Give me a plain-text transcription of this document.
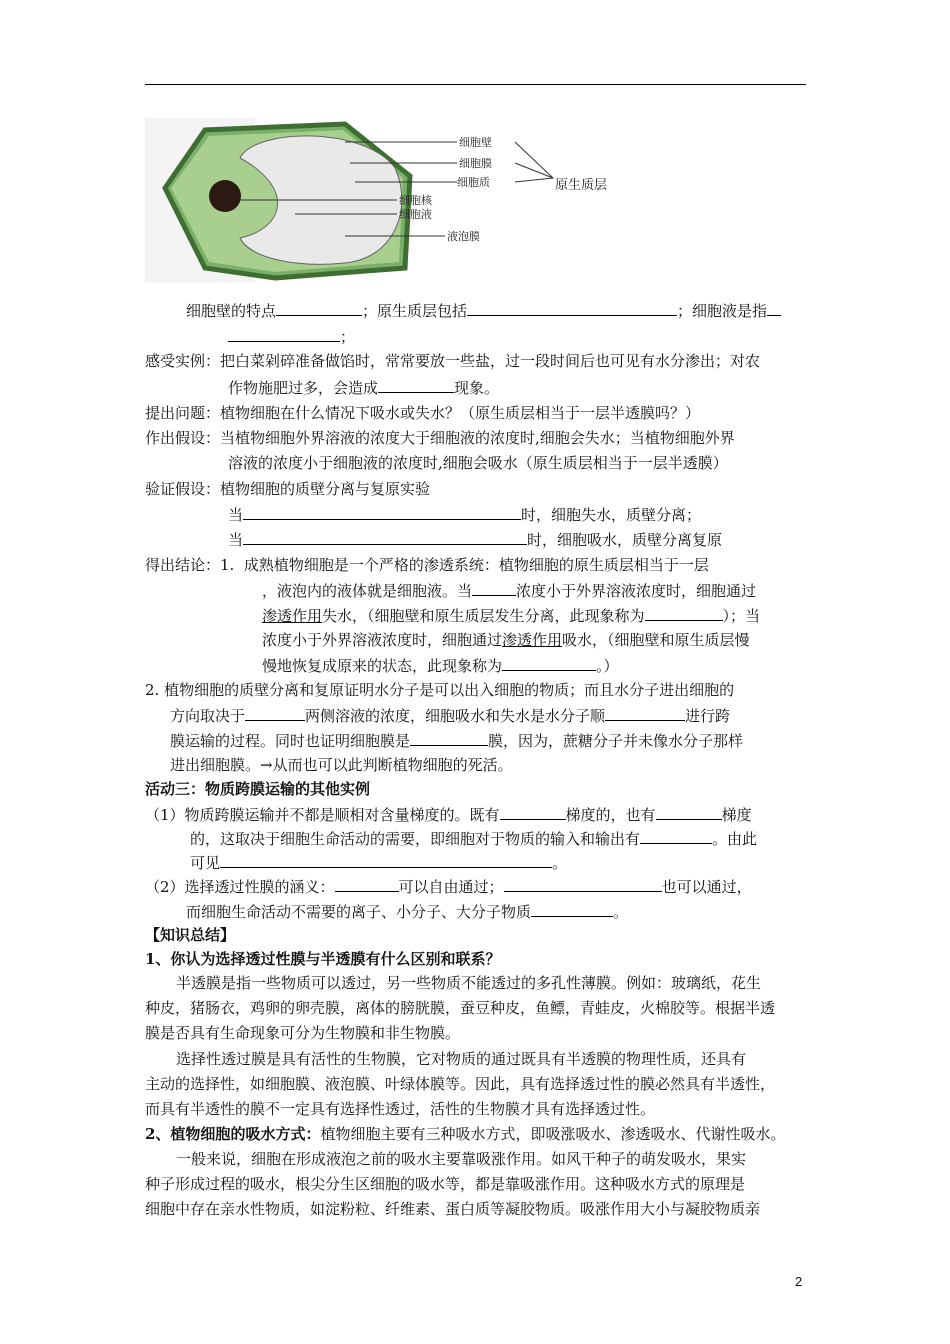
细胞壁
细胞膜
细胞质	原生质层
细胞核
细胞液
液泡膜
细胞壁的特点	；原生质层包括	；细胞液是指
；
感受实例：把白菜剁碎准备做馅时，常常要放一些盐，过一段时间后也可见有水分渗出；对农
作物施肥过多，会造成	现象。
提出问题：植物细胞在什么情况下吸水或失水？（原生质层相当于一层半透膜吗？）
作出假设：当植物细胞外界溶液的浓度大于细胞液的浓度时,细胞会失水；当植物细胞外界
溶液的浓度小于细胞液的浓度时,细胞会吸水（原生质层相当于一层半透膜）
验证假设：植物细胞的质壁分离与复原实验
当	时，细胞失水，质壁分离；
当	时，细胞吸水，质壁分离复原
得出结论：1. 成熟植物细胞是一个严格的渗透系统：植物细胞的原生质层相当于一层
，液泡内的液体就是细胞液。当	浓度小于外界溶液浓度时，细胞通过
渗透作用失水，（细胞壁和原生质层发生分离，此现象称为	）；当
浓度小于外界溶液浓度时，细胞通过渗透作用吸水，（细胞壁和原生质层慢
慢地恢复成原来的状态，此现象称为	。）
2. 植物细胞的质壁分离和复原证明水分子是可以出入细胞的物质；而且水分子进出细胞的
方向取决于	两侧溶液的浓度，细胞吸水和失水是水分子顺	进行跨
膜运输的过程。同时也证明细胞膜是	膜，因为，蔗糖分子并未像水分子那样
进出细胞膜。→从而也可以此判断植物细胞的死活。
活动三：物质跨膜运输的其他实例
（1）物质跨膜运输并不都是顺相对含量梯度的。既有	梯度的，也有	梯度
的，这取决于细胞生命活动的需要，即细胞对于物质的输入和输出有	。由此
可见	。
（2）选择透过性膜的涵义：	可以自由通过；	也可以通过，
而细胞生命活动不需要的离子、小分子、大分子物质	。
【知识总结】
1、你认为选择透过性膜与半透膜有什么区别和联系？
半透膜是指一些物质可以透过，另一些物质不能透过的多孔性薄膜。例如：玻璃纸，花生
种皮，猪肠衣，鸡卵的卵壳膜，离体的膀胱膜，蚕豆种皮，鱼鳔，青蛙皮，火棉胶等。根据半透
膜是否具有生命现象可分为生物膜和非生物膜。
选择性透过膜是具有活性的生物膜，它对物质的通过既具有半透膜的物理性质，还具有
主动的选择性，如细胞膜、液泡膜、叶绿体膜等。因此，具有选择透过性的膜必然具有半透性，
而具有半透性的膜不一定具有选择性透过，活性的生物膜才具有选择透过性。
2、植物细胞的吸水方式：植物细胞主要有三种吸水方式，即吸涨吸水、渗透吸水、代谢性吸水。
一般来说，细胞在形成液泡之前的吸水主要靠吸涨作用。如风干种子的萌发吸水，果实
种子形成过程的吸水，根尖分生区细胞的吸水等，都是靠吸涨作用。这种吸水方式的原理是
细胞中存在亲水性物质，如淀粉粒、纤维素、蛋白质等凝胶物质。吸涨作用大小与凝胶物质亲
2
